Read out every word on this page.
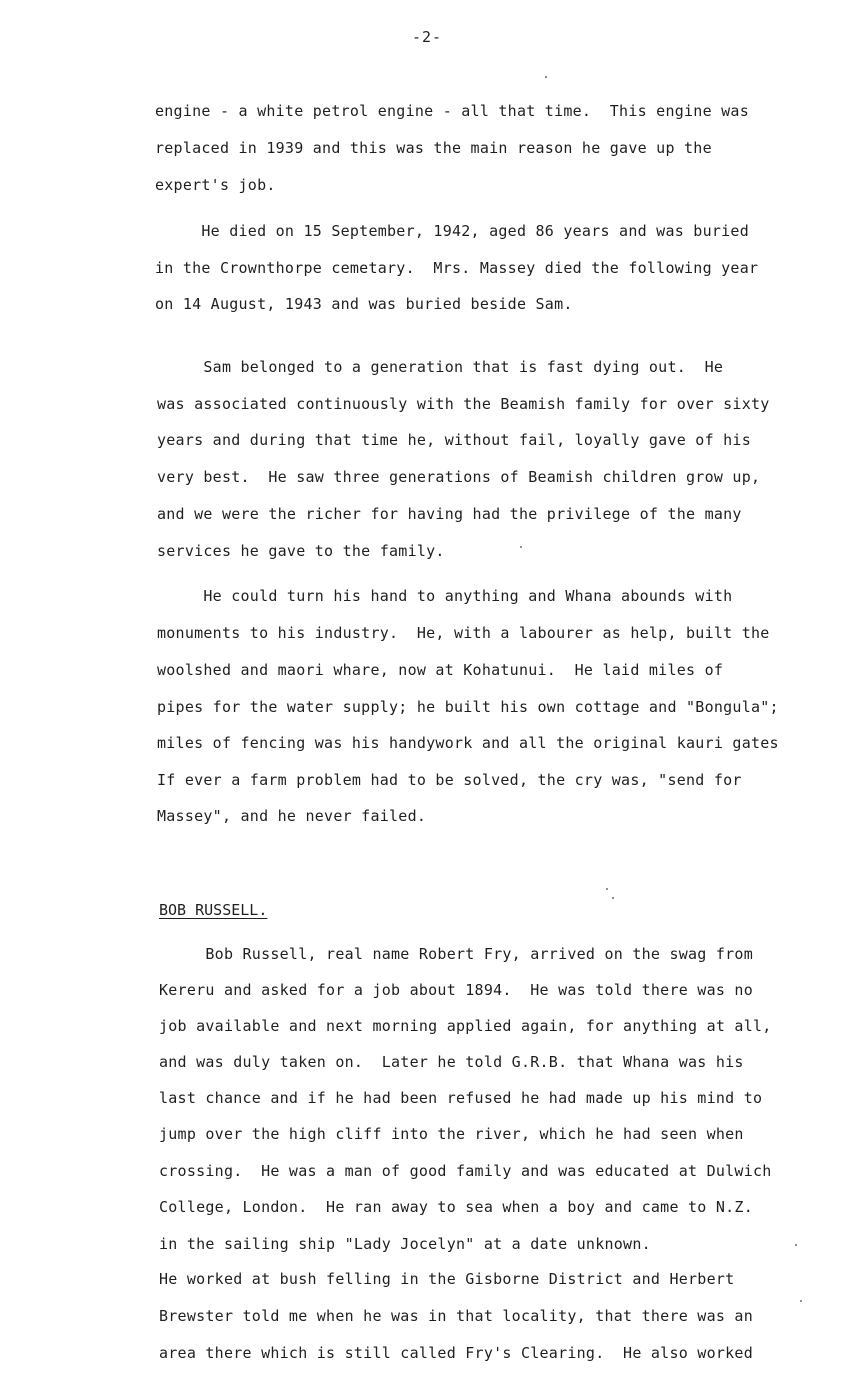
-2-
engine - a white petrol engine - all that time.  This engine was
replaced in 1939 and this was the main reason he gave up the
expert's job.
He died on 15 September, 1942, aged 86 years and was buried
in the Crownthorpe cemetary.  Mrs. Massey died the following year
on 14 August, 1943 and was buried beside Sam.
Sam belonged to a generation that is fast dying out.  He
was associated continuously with the Beamish family for over sixty
years and during that time he, without fail, loyally gave of his
very best.  He saw three generations of Beamish children grow up,
and we were the richer for having had the privilege of the many
services he gave to the family.
He could turn his hand to anything and Whana abounds with
monuments to his industry.  He, with a labourer as help, built the
woolshed and maori whare, now at Kohatunui.  He laid miles of
pipes for the water supply; he built his own cottage and "Bongula";
miles of fencing was his handywork and all the original kauri gates
If ever a farm problem had to be solved, the cry was, "send for
Massey", and he never failed.
BOB RUSSELL.
Bob Russell, real name Robert Fry, arrived on the swag from
Kereru and asked for a job about 1894.  He was told there was no
job available and next morning applied again, for anything at all,
and was duly taken on.  Later he told G.R.B. that Whana was his
last chance and if he had been refused he had made up his mind to
jump over the high cliff into the river, which he had seen when
crossing.  He was a man of good family and was educated at Dulwich
College, London.  He ran away to sea when a boy and came to N.Z.
in the sailing ship "Lady Jocelyn" at a date unknown.
He worked at bush felling in the Gisborne District and Herbert
Brewster told me when he was in that locality, that there was an
area there which is still called Fry's Clearing.  He also worked
